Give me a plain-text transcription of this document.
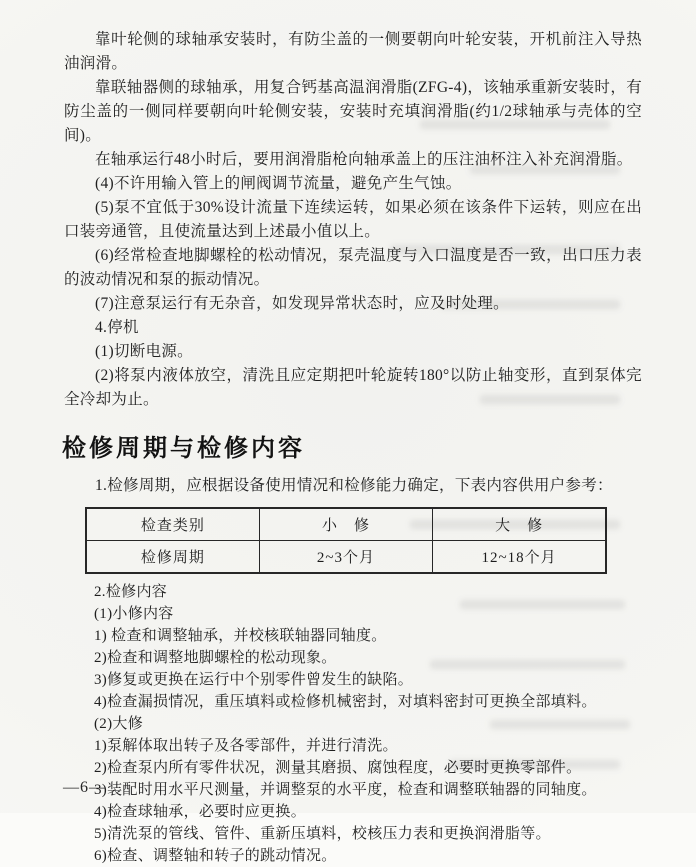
靠叶轮侧的球轴承安装时，有防尘盖的一侧要朝向叶轮安装，开机前注入导热油润滑。

靠联轴器侧的球轴承，用复合钙基高温润滑脂(ZFG-4)，该轴承重新安装时，有防尘盖的一侧同样要朝向叶轮侧安装，安装时充填润滑脂(约1/2球轴承与壳体的空间)。

在轴承运行48小时后，要用润滑脂枪向轴承盖上的压注油杯注入补充润滑脂。

(4)不许用输入管上的闸阀调节流量，避免产生气蚀。

(5)泵不宜低于30%设计流量下连续运转，如果必须在该条件下运转，则应在出口装旁通管，且使流量达到上述最小值以上。

(6)经常检查地脚螺栓的松动情况，泵壳温度与入口温度是否一致，出口压力表的波动情况和泵的振动情况。

(7)注意泵运行有无杂音，如发现异常状态时，应及时处理。

4.停机

(1)切断电源。

(2)将泵内液体放空，清洗且应定期把叶轮旋转180°以防止轴变形，直到泵体完全冷却为止。

检修周期与检修内容

1.检修周期，应根据设备使用情况和检修能力确定，下表内容供用户参考：

检查类别	小　修	大　修
检修周期	2~3个月	12~18个月

2.检修内容

(1)小修内容

1) 检查和调整轴承，并校核联轴器同轴度。

2)检查和调整地脚螺栓的松动现象。

3)修复或更换在运行中个别零件曾发生的缺陷。

4)检查漏损情况，重压填料或检修机械密封，对填料密封可更换全部填料。

(2)大修

1)泵解体取出转子及各零部件，并进行清洗。

2)检查泵内所有零件状况，测量其磨损、腐蚀程度，必要时更换零部件。

3)装配时用水平尺测量，并调整泵的水平度，检查和调整联轴器的同轴度。

4)检查球轴承，必要时应更换。

5)清洗泵的管线、管件、重新压填料，校核压力表和更换润滑脂等。

6)检查、调整轴和转子的跳动情况。

—6—
